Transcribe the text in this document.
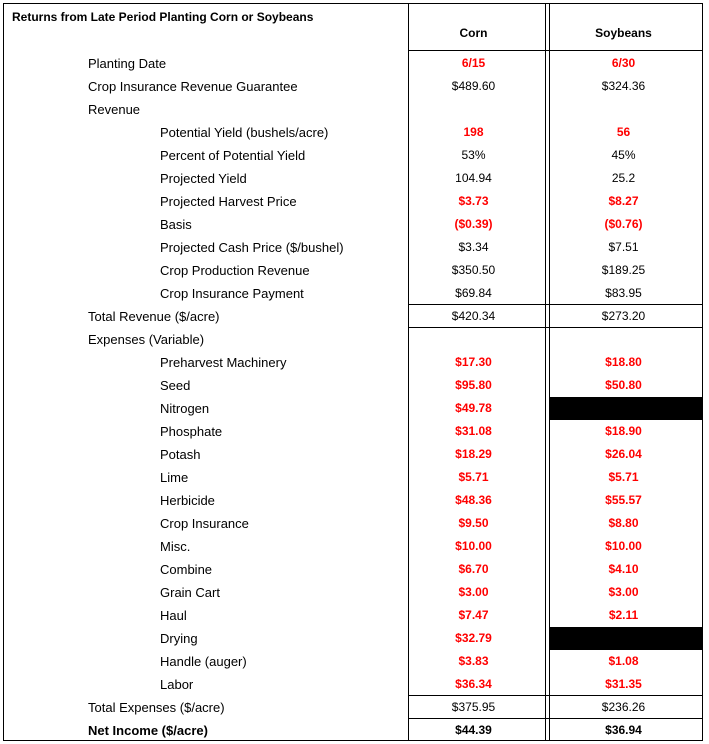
Returns from Late Period Planting Corn or Soybeans
Corn	Soybeans
Planting Date	6/15	6/30
Crop Insurance Revenue Guarantee	$489.60	$324.36
Revenue
Potential Yield (bushels/acre)	198	56
Percent of Potential Yield	53%	45%
Projected Yield	104.94	25.2
Projected Harvest Price	$3.73	$8.27
Basis	($0.39)	($0.76)
Projected Cash Price ($/bushel)	$3.34	$7.51
Crop Production Revenue	$350.50	$189.25
Crop Insurance Payment	$69.84	$83.95
Total Revenue ($/acre)	$420.34	$273.20
Expenses (Variable)
Preharvest Machinery	$17.30	$18.80
Seed	$95.80	$50.80
Nitrogen	$49.78
Phosphate	$31.08	$18.90
Potash	$18.29	$26.04
Lime	$5.71	$5.71
Herbicide	$48.36	$55.57
Crop Insurance	$9.50	$8.80
Misc.	$10.00	$10.00
Combine	$6.70	$4.10
Grain Cart	$3.00	$3.00
Haul	$7.47	$2.11
Drying	$32.79
Handle (auger)	$3.83	$1.08
Labor	$36.34	$31.35
Total Expenses ($/acre)	$375.95	$236.26
Net Income ($/acre)	$44.39	$36.94
